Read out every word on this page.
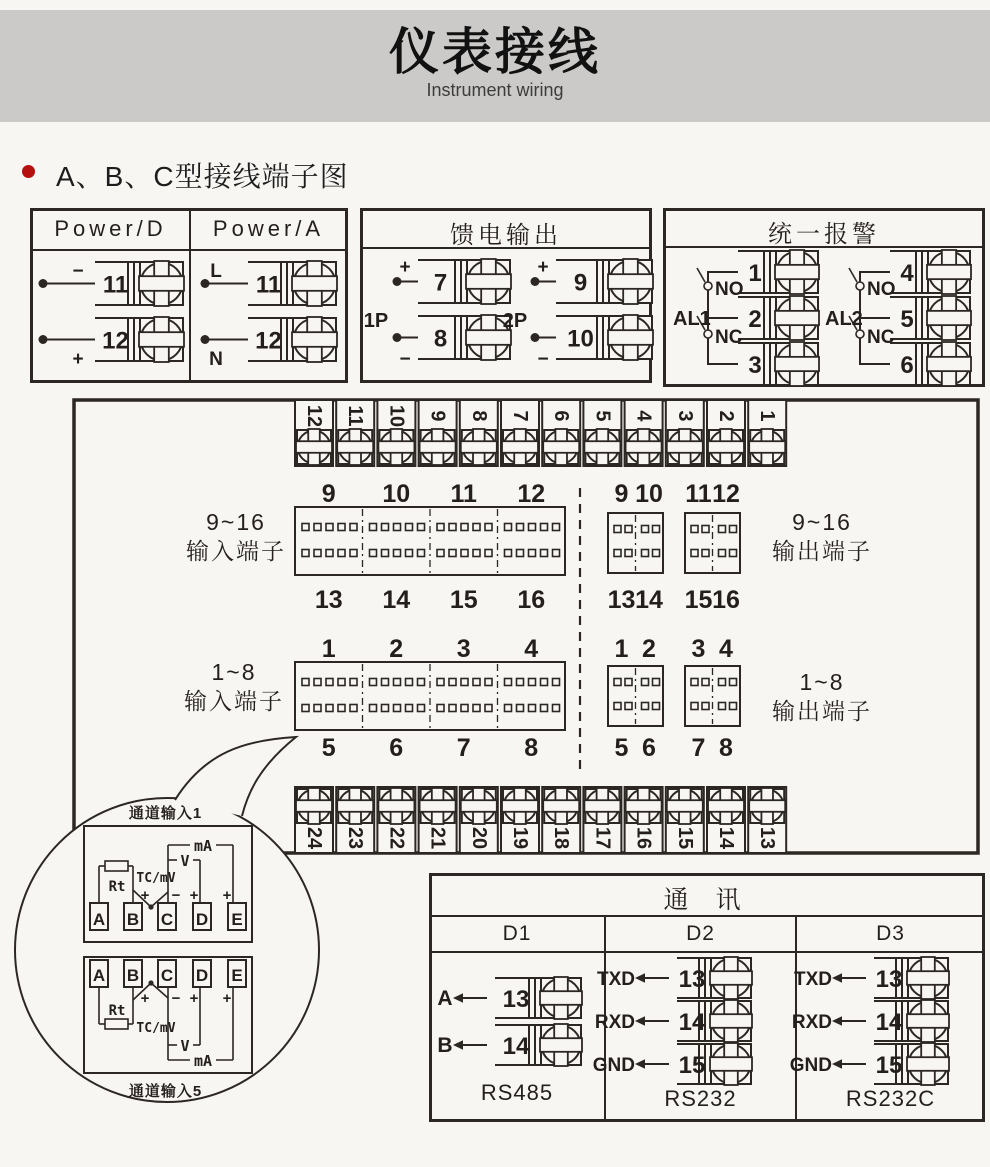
仪表接线
Instrument wiring
A、B、C型接线端子图
− 11
+
12
L 11
N
12
Power/D	Power/A
1P
+
7
−
8
2P
+
9
−
10
馈电输出
1
2
3
NO
NC
AL1
4
5
6
NO
NC
AL2
统一报警
12 11 10 9 8 7 6 5 4 3 2 1
24 23 22 21 20 19 18 17 16 15 14 13
9 10 11 12
13 14 15 16
9 10 11 12
13 14 15 16
1 2 3 4
5 6 7 8
1 2 3 4
5 6 7 8
9~16
输入端子
9~16
输出端子
1~8
输入端子
1~8
输出端子
A B C D E
Rt
TC/mV
mA
V
+ − + +
A B C D E
+ − + +
Rt
TC/mV
V
mA
通道输入1
通道输入5
13
A
14
B
13
TXD
14
RXD
15
GND
13
TXD
14
RXD
15
GND
通 讯
D1	D2	D3
RS485	RS232	RS232C
